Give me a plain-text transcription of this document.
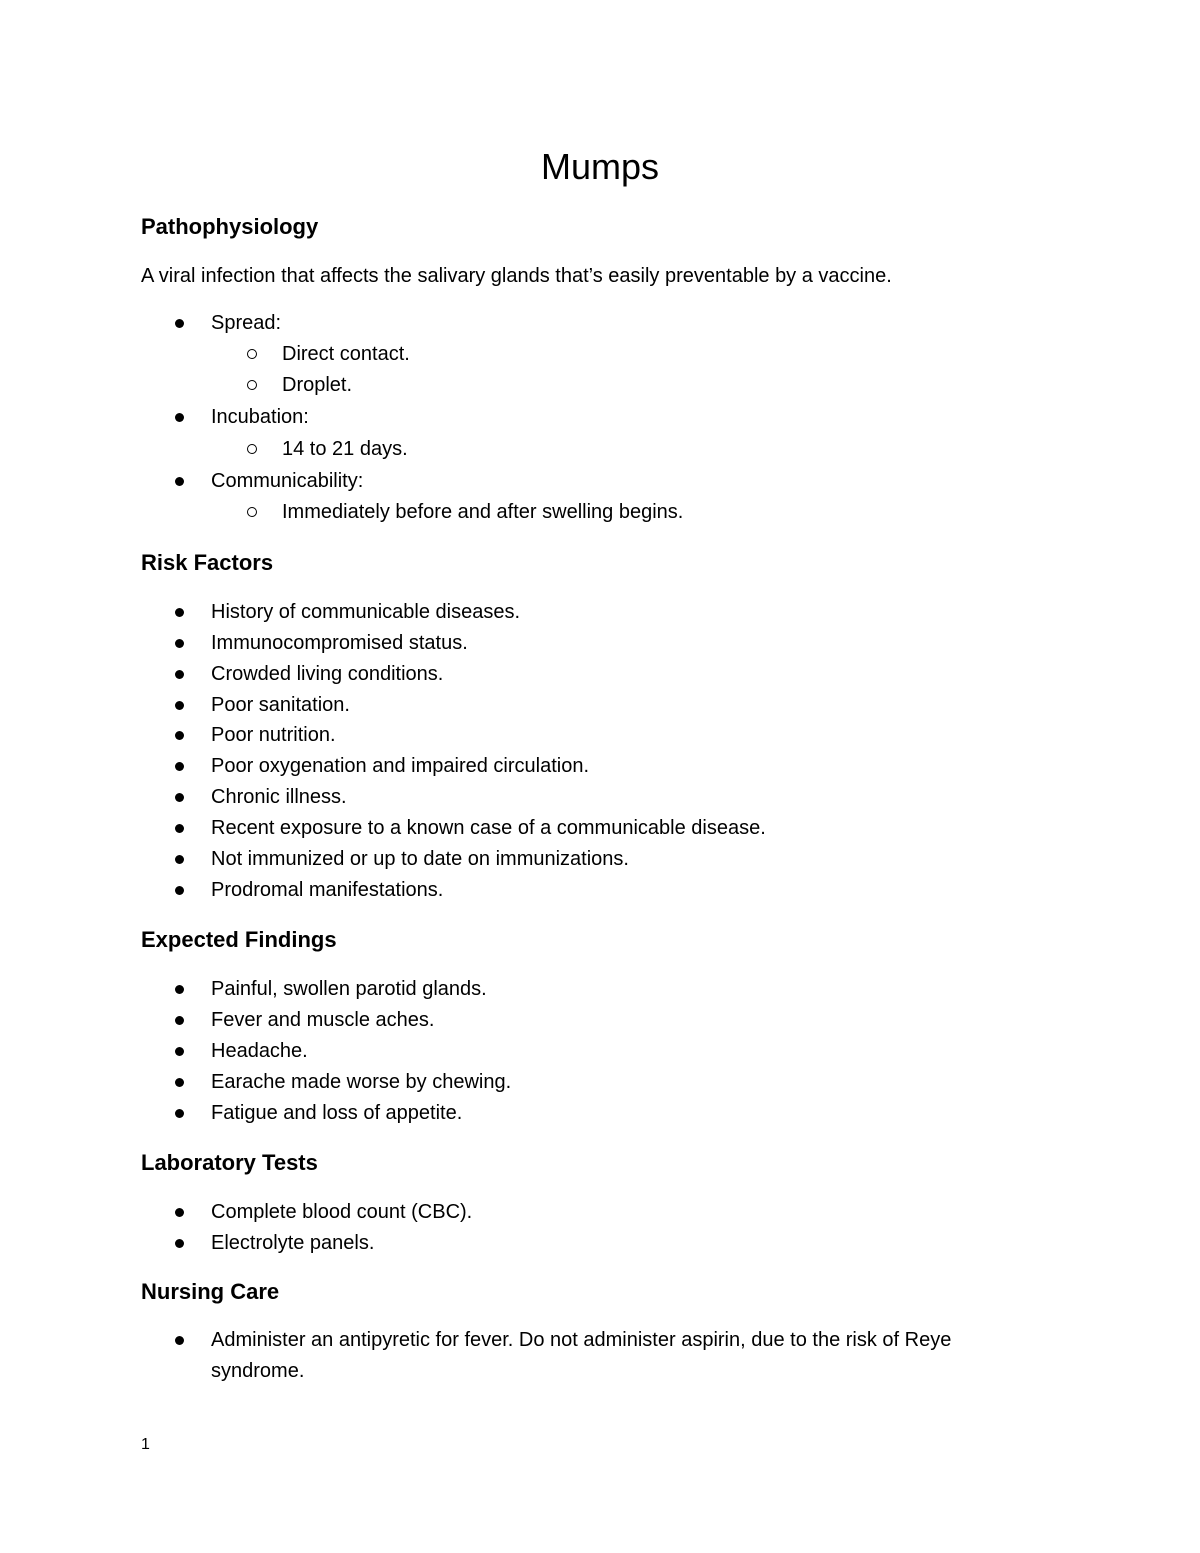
Mumps
Pathophysiology

A viral infection that affects the salivary glands that’s easily preventable by a vaccine.

Spread:
Direct contact.
Droplet.
Incubation:
14 to 21 days.
Communicability:
Immediately before and after swelling begins.
Risk Factors
History of communicable diseases.
Immunocompromised status.
Crowded living conditions.
Poor sanitation.
Poor nutrition.
Poor oxygenation and impaired circulation.
Chronic illness.
Recent exposure to a known case of a communicable disease.
Not immunized or up to date on immunizations.
Prodromal manifestations.
Expected Findings
Painful, swollen parotid glands.
Fever and muscle aches.
Headache.
Earache made worse by chewing.
Fatigue and loss of appetite.
Laboratory Tests
Complete blood count (CBC).
Electrolyte panels.
Nursing Care
Administer an antipyretic for fever. Do not administer aspirin, due to the risk of Reye syndrome.
1
